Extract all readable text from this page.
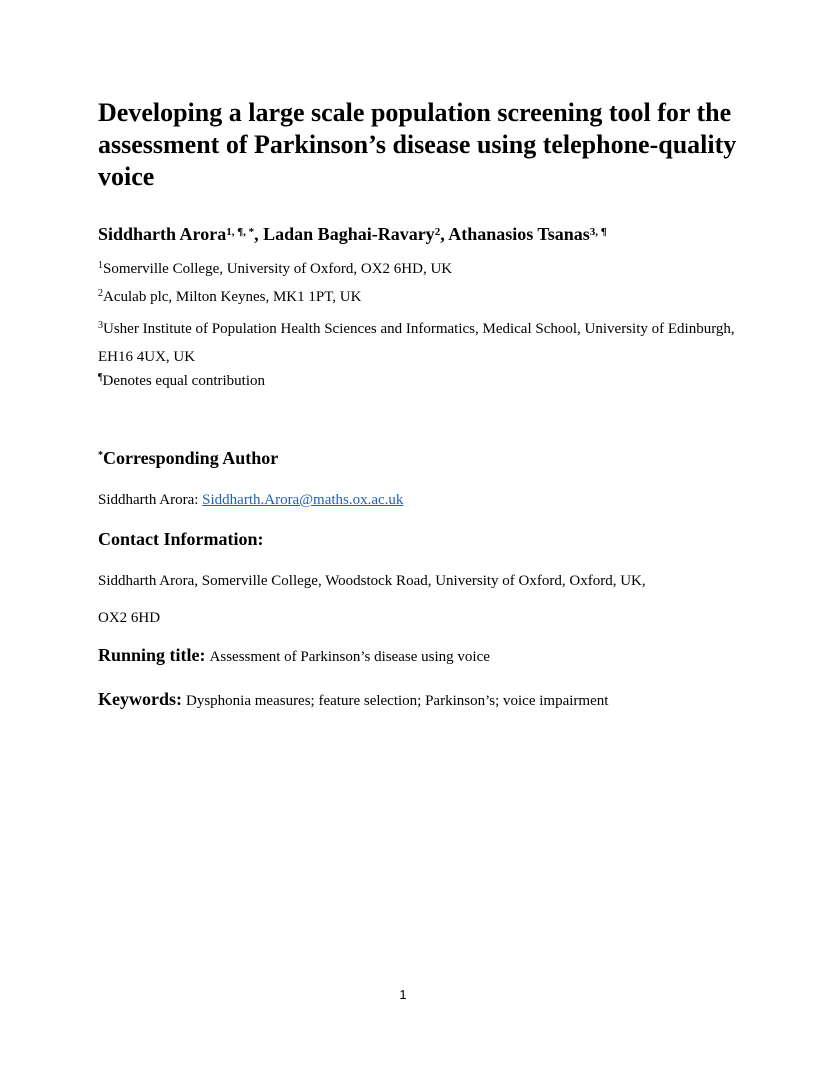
Developing a large scale population screening tool for the assessment of Parkinson’s disease using telephone-quality voice
Siddharth Arora$^{1, \P, *}$, Ladan Baghai-Ravary$^2$, Athanasios Tsanas$^{3, \P}$
$^1$Somerville College, University of Oxford, OX2 6HD, UK
$^2$Aculab plc, Milton Keynes, MK1 1PT, UK
$^3$Usher Institute of Population Health Sciences and Informatics, Medical School, University of Edinburgh, EH16 4UX, UK
¶Denotes equal contribution
*Corresponding Author
Siddharth Arora: Siddharth.Arora@maths.ox.ac.uk
Contact Information:
Siddharth Arora, Somerville College, Woodstock Road, University of Oxford, Oxford, UK,
OX2 6HD
Running title: Assessment of Parkinson’s disease using voice
Keywords: Dysphonia measures; feature selection; Parkinson’s; voice impairment
1
